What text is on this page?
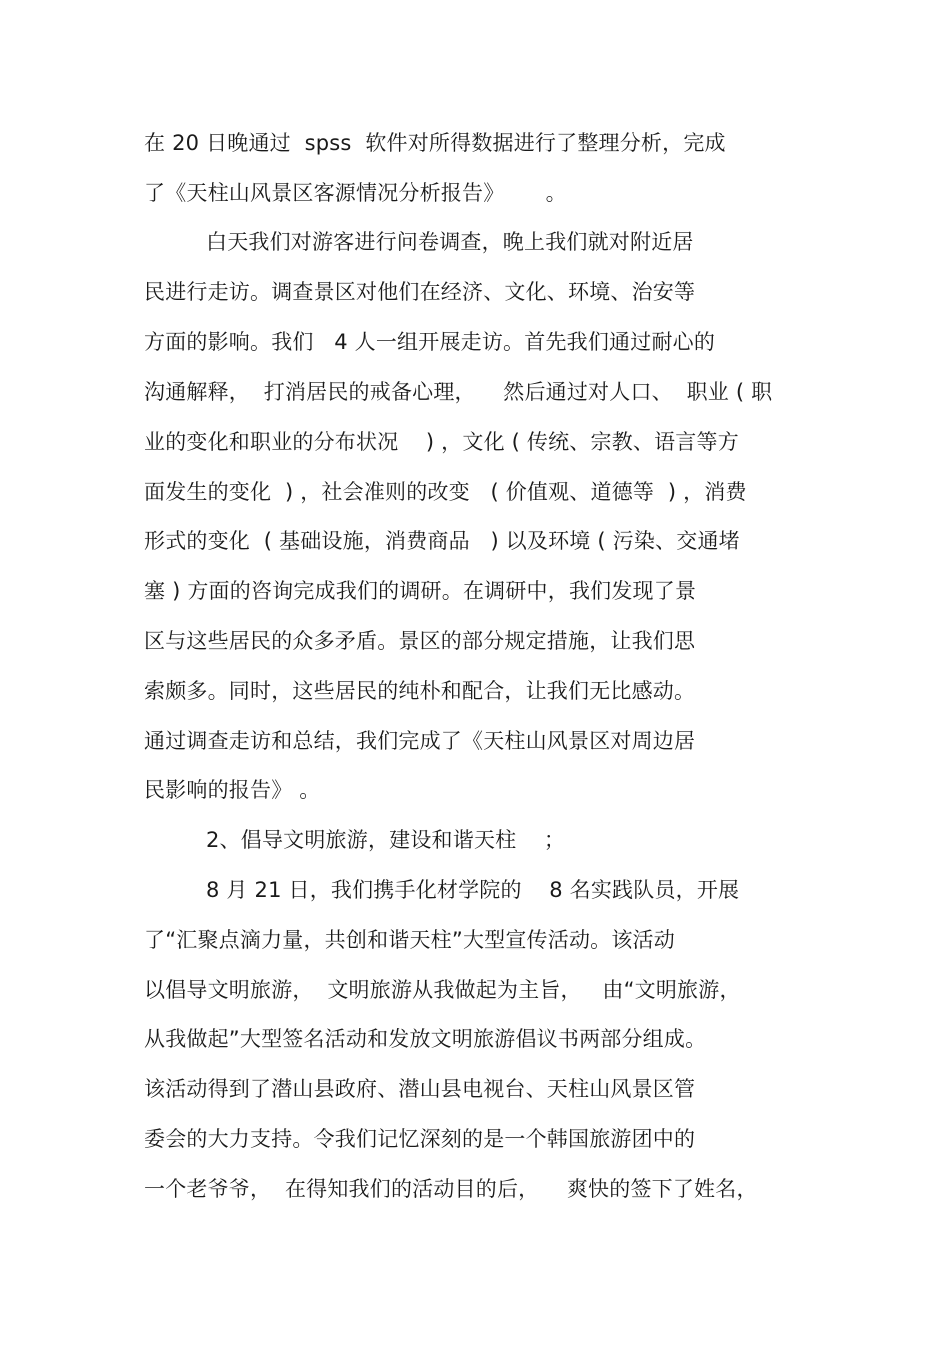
在 20 日晚通过  spss  软件对所得数据进行了整理分析，完成
了《天柱山风景区客源情况分析报告》      。
白天我们对游客进行问卷调查，晚上我们就对附近居
民进行走访。调查景区对他们在经济、文化、环境、治安等
方面的影响。我们   4 人一组开展走访。首先我们通过耐心的
沟通解释，  打消居民的戒备心理，    然后通过对人口、  职业 ( 职
业的变化和职业的分布状况    ) ，文化 ( 传统、宗教、语言等方
面发生的变化  ) ，社会准则的改变   ( 价值观、道德等  ) ，消费
形式的变化  ( 基础设施，消费商品   ) 以及环境 ( 污染、交通堵
塞 ) 方面的咨询完成我们的调研。在调研中，我们发现了景
区与这些居民的众多矛盾。景区的部分规定措施，让我们思
索颇多。同时，这些居民的纯朴和配合，让我们无比感动。
通过调查走访和总结，我们完成了《天柱山风景区对周边居
民影响的报告》 。
2、倡导文明旅游，建设和谐天柱    ；
8 月 21 日，我们携手化材学院的    8 名实践队员，开展
了“汇聚点滴力量，共创和谐天柱”大型宣传活动。该活动
以倡导文明旅游，  文明旅游从我做起为主旨，   由“文明旅游，
从我做起”大型签名活动和发放文明旅游倡议书两部分组成。
该活动得到了潜山县政府、潜山县电视台、天柱山风景区管
委会的大力支持。令我们记忆深刻的是一个韩国旅游团中的
一个老爷爷，  在得知我们的活动目的后，    爽快的签下了姓名，
